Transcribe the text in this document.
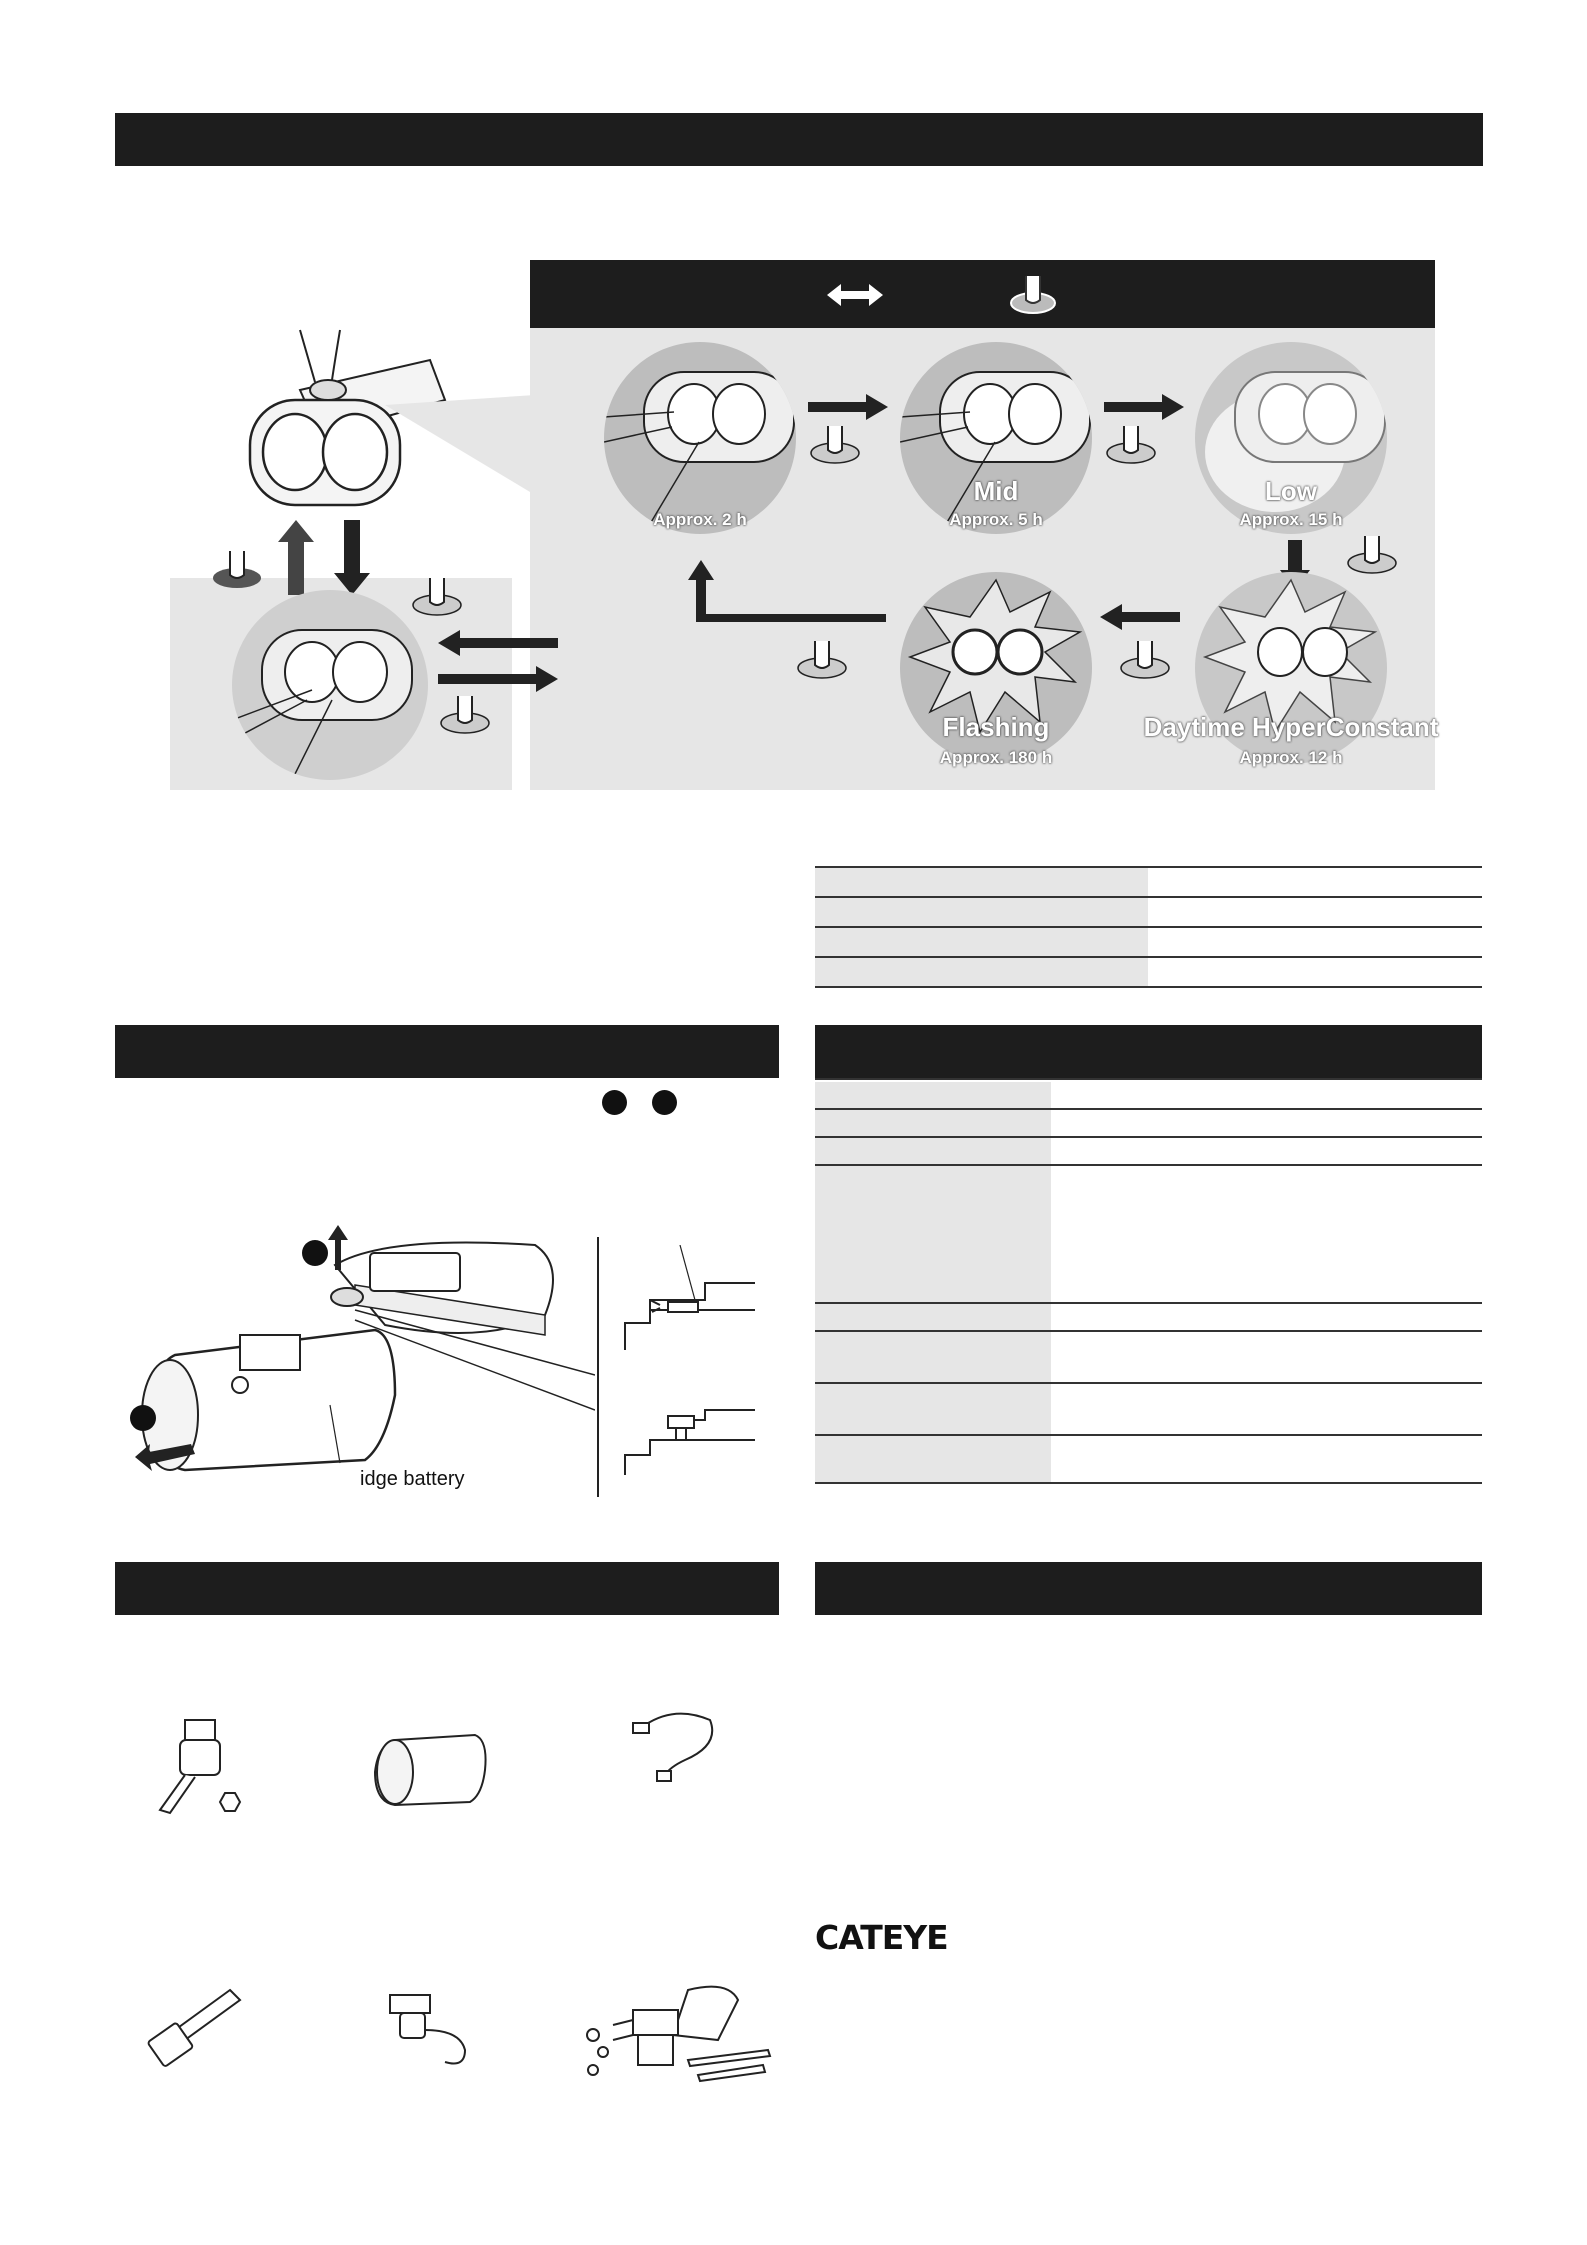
Approx. 2 h
Mid
Approx. 5 h
Low
Approx. 15 h
Flashing
Approx. 180 h
Daytime HyperConstant
Approx. 12 h
idge battery
CATEYE
